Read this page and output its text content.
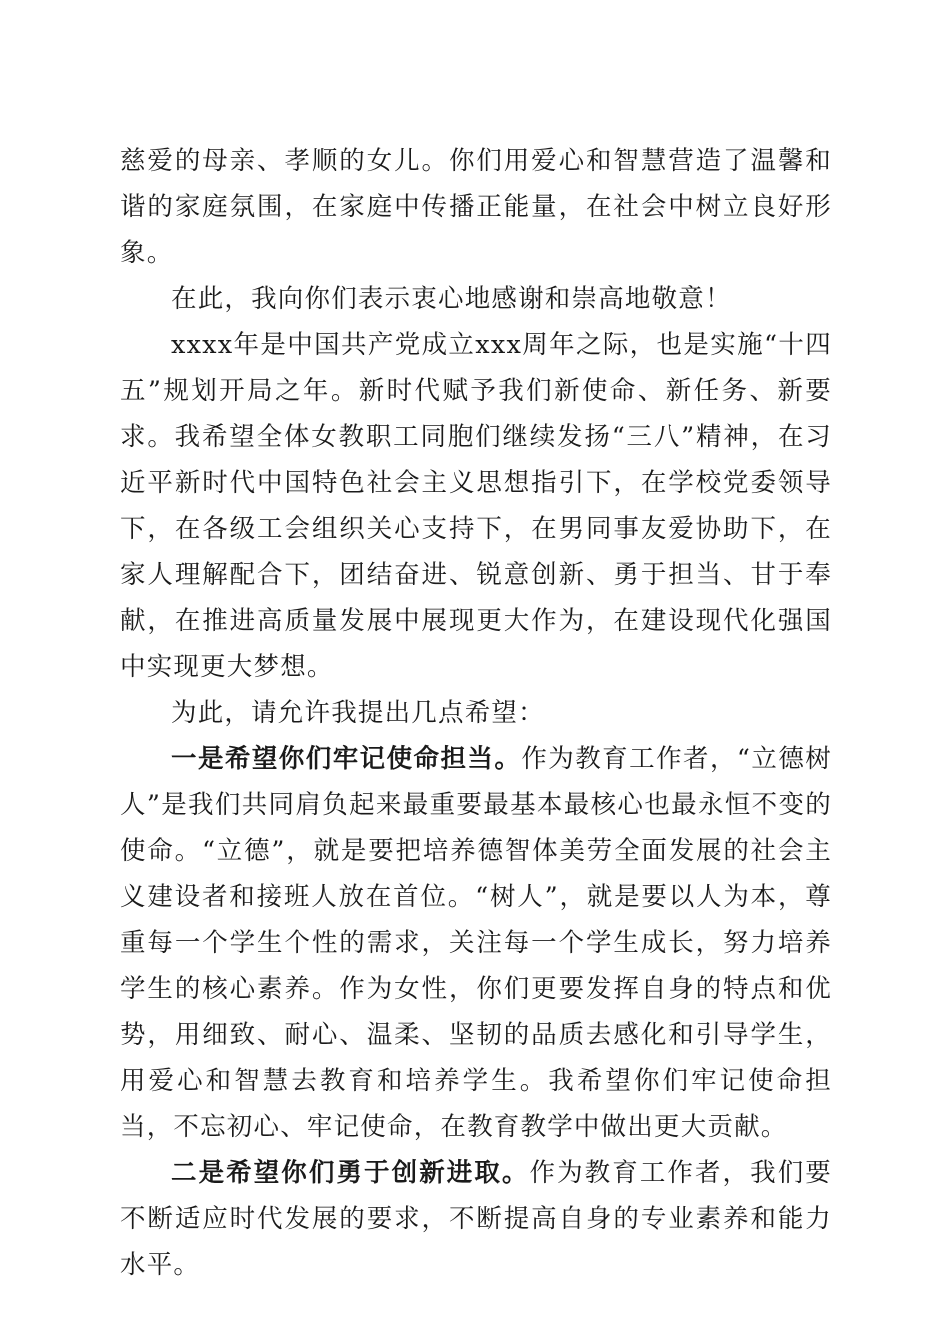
慈爱的母亲、孝顺的女儿。你们用爱心和智慧营造了温馨和谐的家庭氛围，在家庭中传播正能量，在社会中树立良好形象。

在此，我向你们表示衷心地感谢和崇高地敬意！

xxxx年是中国共产党成立xxx周年之际，也是实施“十四五”规划开局之年。新时代赋予我们新使命、新任务、新要求。我希望全体女教职工同胞们继续发扬“三八”精神，在习近平新时代中国特色社会主义思想指引下，在学校党委领导下，在各级工会组织关心支持下，在男同事友爱协助下，在家人理解配合下，团结奋进、锐意创新、勇于担当、甘于奉献，在推进高质量发展中展现更大作为，在建设现代化强国中实现更大梦想。

为此，请允许我提出几点希望：

一是希望你们牢记使命担当。作为教育工作者，“立德树人”是我们共同肩负起来最重要最基本最核心也最永恒不变的使命。“立德”，就是要把培养德智体美劳全面发展的社会主义建设者和接班人放在首位。“树人”，就是要以人为本，尊重每一个学生个性的需求，关注每一个学生成长，努力培养学生的核心素养。作为女性，你们更要发挥自身的特点和优势，用细致、耐心、温柔、坚韧的品质去感化和引导学生，用爱心和智慧去教育和培养学生。我希望你们牢记使命担当，不忘初心、牢记使命，在教育教学中做出更大贡献。

二是希望你们勇于创新进取。作为教育工作者，我们要不断适应时代发展的要求，不断提高自身的专业素养和能力水平。
